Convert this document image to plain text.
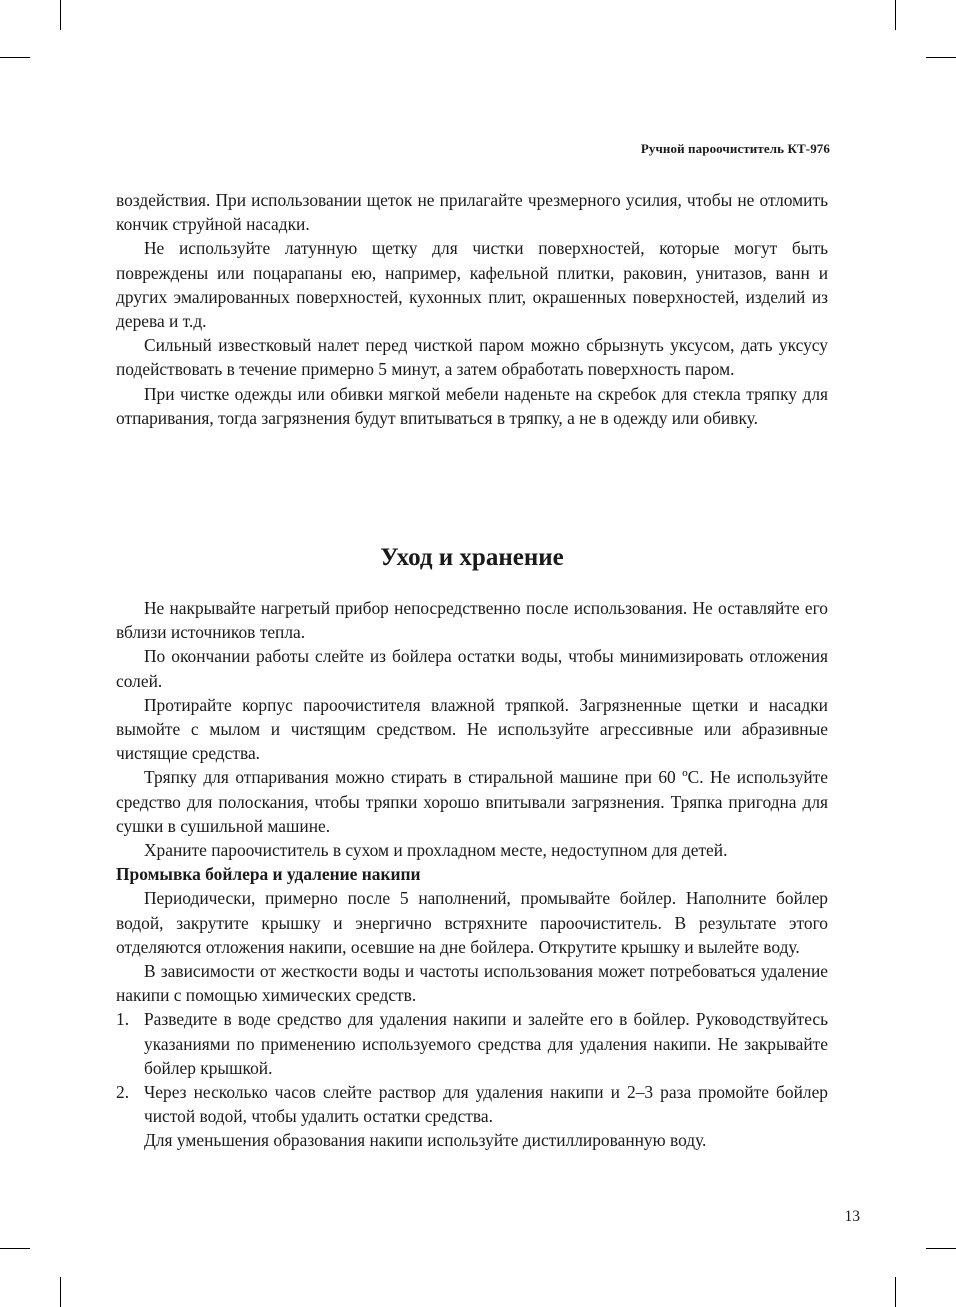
Ручной пароочиститель КТ-976

воздействия. При использовании щеток не прилагайте чрезмерного усилия, чтобы не отломить кончик струйной насадки.

Не используйте латунную щетку для чистки поверхностей, которые могут быть повреждены или поцарапаны ею, например, кафельной плитки, раковин, унитазов, ванн и других эмалированных поверхностей, кухонных плит, окрашенных поверхностей, изделий из дерева и т.д.

Сильный известковый налет перед чисткой паром можно сбрызнуть уксусом, дать уксусу подействовать в течение примерно 5 минут, а затем обработать поверхность паром.

При чистке одежды или обивки мягкой мебели наденьте на скребок для стекла тряпку для отпаривания, тогда загрязнения будут впитываться в тряпку, а не в одежду или обивку.

Уход и хранение

Не накрывайте нагретый прибор непосредственно после использования. Не оставляйте его вблизи источников тепла.

По окончании работы слейте из бойлера остатки воды, чтобы минимизировать отложения солей.

Протирайте корпус пароочистителя влажной тряпкой. Загрязненные щетки и насадки вымойте с мылом и чистящим средством. Не используйте агрессивные или абразивные чистящие средства.

Тряпку для отпаривания можно стирать в стиральной машине при 60 ºС. Не используйте средство для полоскания, чтобы тряпки хорошо впитывали загрязнения. Тряпка пригодна для сушки в сушильной машине.

Храните пароочиститель в сухом и прохладном месте, недоступном для детей.

Промывка бойлера и удаление накипи

Периодически, примерно после 5 наполнений, промывайте бойлер. Наполните бойлер водой, закрутите крышку и энергично встряхните пароочиститель. В результате этого отделяются отложения накипи, осевшие на дне бойлера. Открутите крышку и вылейте воду.

В зависимости от жесткости воды и частоты использования может потребоваться удаление накипи с помощью химических средств.

1. Разведите в воде средство для удаления накипи и залейте его в бойлер. Руководствуйтесь указаниями по применению используемого средства для удаления накипи. Не закрывайте бойлер крышкой.
2. Через несколько часов слейте раствор для удаления накипи и 2–3 раза промойте бойлер чистой водой, чтобы удалить остатки средства.

Для уменьшения образования накипи используйте дистиллированную воду.

13
